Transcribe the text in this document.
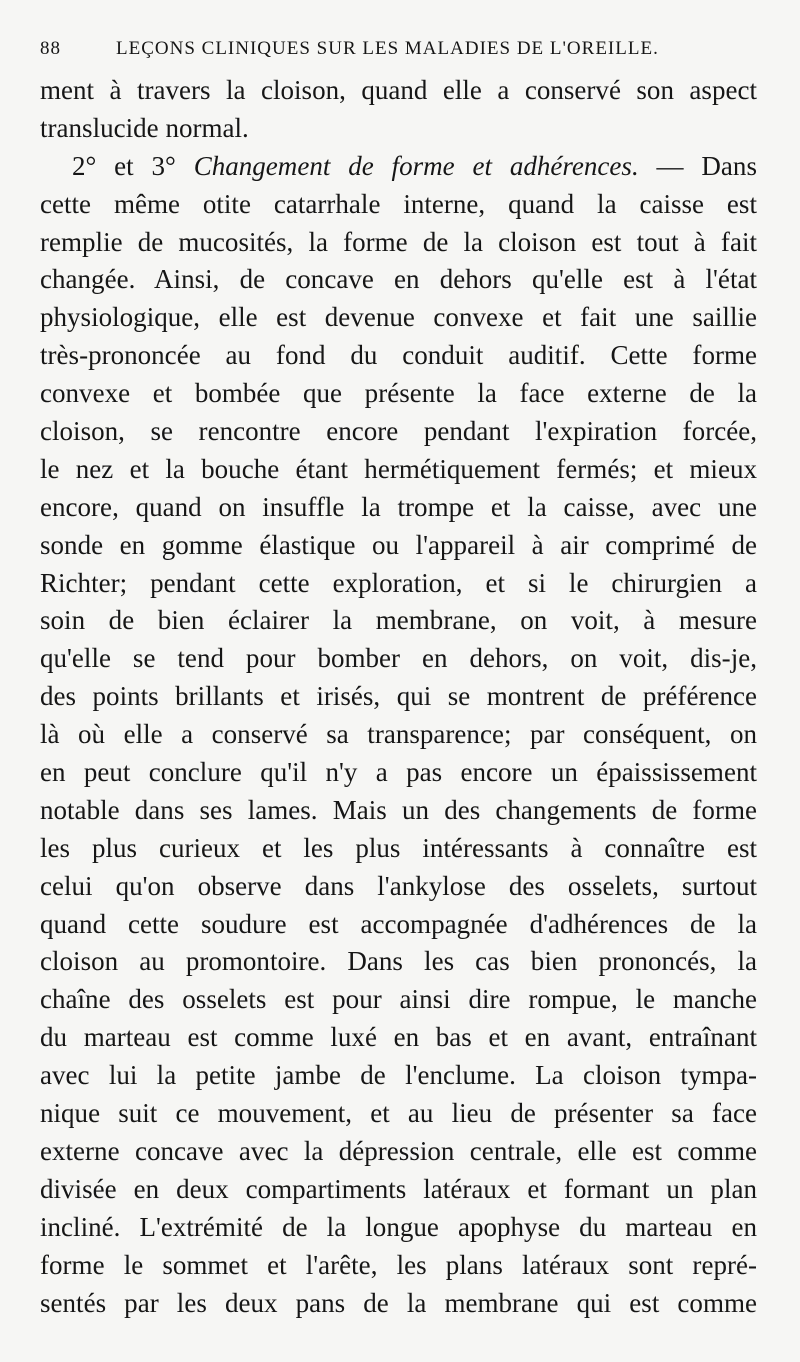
88	LEÇONS CLINIQUES SUR LES MALADIES DE L'OREILLE.
ment à travers la cloison, quand elle a conservé son aspect
translucide normal.
2° et 3° Changement de forme et adhérences. — Dans
cette même otite catarrhale interne, quand la caisse est
remplie de mucosités, la forme de la cloison est tout à fait
changée. Ainsi, de concave en dehors qu'elle est à l'état
physiologique, elle est devenue convexe et fait une saillie
très-prononcée au fond du conduit auditif. Cette forme
convexe et bombée que présente la face externe de la
cloison, se rencontre encore pendant l'expiration forcée,
le nez et la bouche étant hermétiquement fermés; et mieux
encore, quand on insuffle la trompe et la caisse, avec une
sonde en gomme élastique ou l'appareil à air comprimé de
Richter; pendant cette exploration, et si le chirurgien a
soin de bien éclairer la membrane, on voit, à mesure
qu'elle se tend pour bomber en dehors, on voit, dis-je,
des points brillants et irisés, qui se montrent de préférence
là où elle a conservé sa transparence; par conséquent, on
en peut conclure qu'il n'y a pas encore un épaississement
notable dans ses lames. Mais un des changements de forme
les plus curieux et les plus intéressants à connaître est
celui qu'on observe dans l'ankylose des osselets, surtout
quand cette soudure est accompagnée d'adhérences de la
cloison au promontoire. Dans les cas bien prononcés, la
chaîne des osselets est pour ainsi dire rompue, le manche
du marteau est comme luxé en bas et en avant, entraînant
avec lui la petite jambe de l'enclume. La cloison tympa-
nique suit ce mouvement, et au lieu de présenter sa face
externe concave avec la dépression centrale, elle est comme
divisée en deux compartiments latéraux et formant un plan
incliné. L'extrémité de la longue apophyse du marteau en
forme le sommet et l'arête, les plans latéraux sont repré-
sentés par les deux pans de la membrane qui est comme
